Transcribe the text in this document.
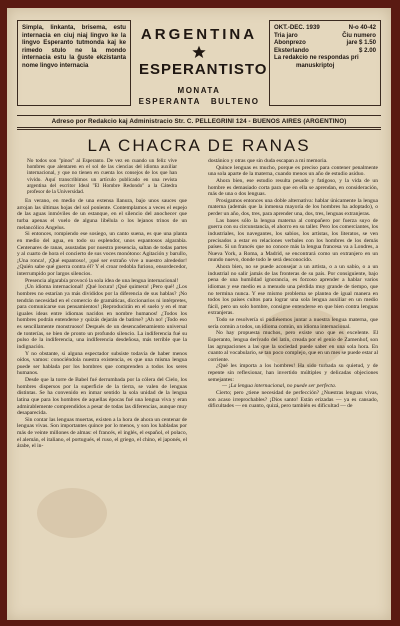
Simpla, linkanta, brisema, estu internacia en ciuj niaj lingvo ke la lingvo Esperanto tutmonda kaj ke rimedo stulo ne la mondo internacia estu la ĝuste ekzistanta nome lingvo internacia
ARGENTINA
ESPERANTISTO
MONATA
ESPERANTA BULTENO
OKT.-DEC. 1939	N-o 40-42
Tria jaro	Ĉiu numero
Abonprezo	jare $ 1.50
Eksterlando	$ 2.00
La redakcio ne respondas pri
manuskriptoj
Adreso por Redakcio kaj Administracio Str. C. PELLEGRINI 124 - BUENOS AIRES (ARGENTINO)
LA CHACRA DE RANAS

No todos son "pinos" al Esperanto. De vez en cuando un feliz vive hombres que alentaren en el sol de las ciencias del idioma auxiliar internacional, y que no tienen en cuenta los consejos de los que han vivido. Aquí transcribimos un artículo publicado en una revista argentina del escritor Ideal "El Hombre Redondo" a la Cátedra profesor de la Universidad.

En verano, en medio de una extensa llanura, bajo unos sauces que arrojan las últimas hojas del sol poniente. Contemplamos a veces el espejo de las aguas inmóviles de un estanque, en el silencio del anochecer que turba apenas el vuelo de alguna libélula o los lejanos trinos de un melancólico Angelus.

Si entonces, rompiendo ese sosiego, un canto suena, es que una planta en medio del agua, en todo su esplendor, unos espantosos algarabía. Centenares de ranas, asustadas por nuestra presencia, saltan de todas partes y al cuarto de hora el concierto de sus voces monótono: Agitación y barullo, ¡Una ronca!, ¡Qué espantoso!, ¡qué ser extraño vive a nuestro alrededor! ¿Quién sabe qué guerra contra él? Y el croar redobla furioso, ensordecedor, interrumpido por largos silencios.

Presencia algarabía provocó la sola idea de una lengua internacional!

¡Un idioma internacional! ¡Qué locura! ¡Qué quimera! ¡Pero qué! ¿Los hombres no estarían ya más divididos por la diferencia de sus hablas? ¡No tendrán necesidad en el comercio de gramáticas, diccionarios ni intérpretes, para comunicarse sus pensamientos! ¡Reproducirán en el suelo y en el mar iguales ideas entre idiomas nacidos en nombre humanos! ¿Todos los hombres podrán entenderse y quizás dejarán de batirse? ¡Ah no! ¡Todo eso es sencillamente monstruoso! Después de un desencadenamiento universal de tonterías, se bien de pronto un profundo silencio. La indiferencia fué su pulso de la indiferencia, una indiferencia desdeñosa, más terrible que la indignación.

Y no obstante, si alguna espectador subsiste todavía de haber menos oídos, vamos: conociéndola nuestra existencia, es que una misma lengua puede ser hablada por los hombres que comprenden a todos los seres humanos.

Desde que la torre de Babel fué derrumbada por la cólera del Cielo, los hombres dispersos por la superficie de la tierra, se valen de lenguas distintas. Se ha convenido en inmar sentido la sola unidad de la lengua latina que para los hombres de aquellas épocas fué una lengua viva y eran admirablemente comprendidos a pesar de todas las diferencias, aunque muy desaparecida.

Sin contar las lenguas muertas, existen a la hora de ahora un centenar de lenguas vivas. Son importantes quince por lo menos, y son los habladas por más de veinte millones de almas: el francés, el inglés, el español, el polaco, el alemán, el italiano, el portugués, el ruso, el griego, el chino, el japonés, el árabe, el in-

dostánico y otras que sin duda escapan a mi memoria.

Quince lenguas es mucho, porque es preciso para contener penalmente una sola aparte de la materna, cuando menos un año de estudio asiduo.

Ahora bien, ese estudio resulta pesado y fatigoso, y la vida de un hombre es demasiado corta para que en ella se aprendan, en consideración, más de una o dos lenguas.

Prosigamos entonces una doble alternativa: hablar únicamente la lengua materna (además que la inmensa mayoría de los hombres ha adoptado), o perder un año, dos, tres, para aprender una, dos, tres, lenguas extranjeras.

Las bases sólo la lengua materna al compañero por fuerza suyo de guerra con su circunstancia, el ahorro en su taller. Pero los comerciantes, los industriales, los navegantes, los sabios, los artistas, los literatos, se ven precisados a estar en relaciones verbales con los hombres de los demás países. Si un francés que no conoce más la lengua francesa va a Londres, a Nueva York, a Roma, a Madrid, se encontrará como un extranjero en un mundo nuevo, donde todo le será desconocido.

Ahora bien, no se puede aconsejar a un artista, o a un sabio, o a un industrial no salir jamás de las fronteras de su país. Por consiguiente, bajo pena de una humildad ignorancia, es forzoso aprender a hablar varios idiomas y ese medio es a menudo una pérdida muy grande de tiempo, que no termina nunca. Y ese mismo problema se plantea de igual manera en todos los países cultos para lograr una sola lengua auxiliar en un medio fácil, pero un solo hombre, consigne entenderse en que bien contra lenguas extranjeras.

Todo se resolvería si pudiésemos juntar a nuestra lengua materna, que sería común a todos, un idioma común, un idioma internacional.

No hay propuesta muchos, pero existe uno que es excelente. El Esperanto, lengua derivado del latín, creada por el genio de Zamenhof, son las agrupaciones a las que la sociedad puede saber en una sola hora. En cuanto al vocabulario, se tan poco complejo, que en un mes se puede estar al corriente.

¿Qué les importa a los hombres! Ha sido turbada su quietud, y de repente sin reflexionar, han invertido múltiples y delicadas objeciones semejantes:

— ¡La lengua internacional, no puede ser perfecta.

Cierto; pero ¿tiene necesidad de perfección? ¿Nuestras lenguas vivas, son acaso irreprochables? ¡Dios santo! Están erizadas — ya es cansado, dificultades — en cuanto, quizá, pero también es dificultad — de
